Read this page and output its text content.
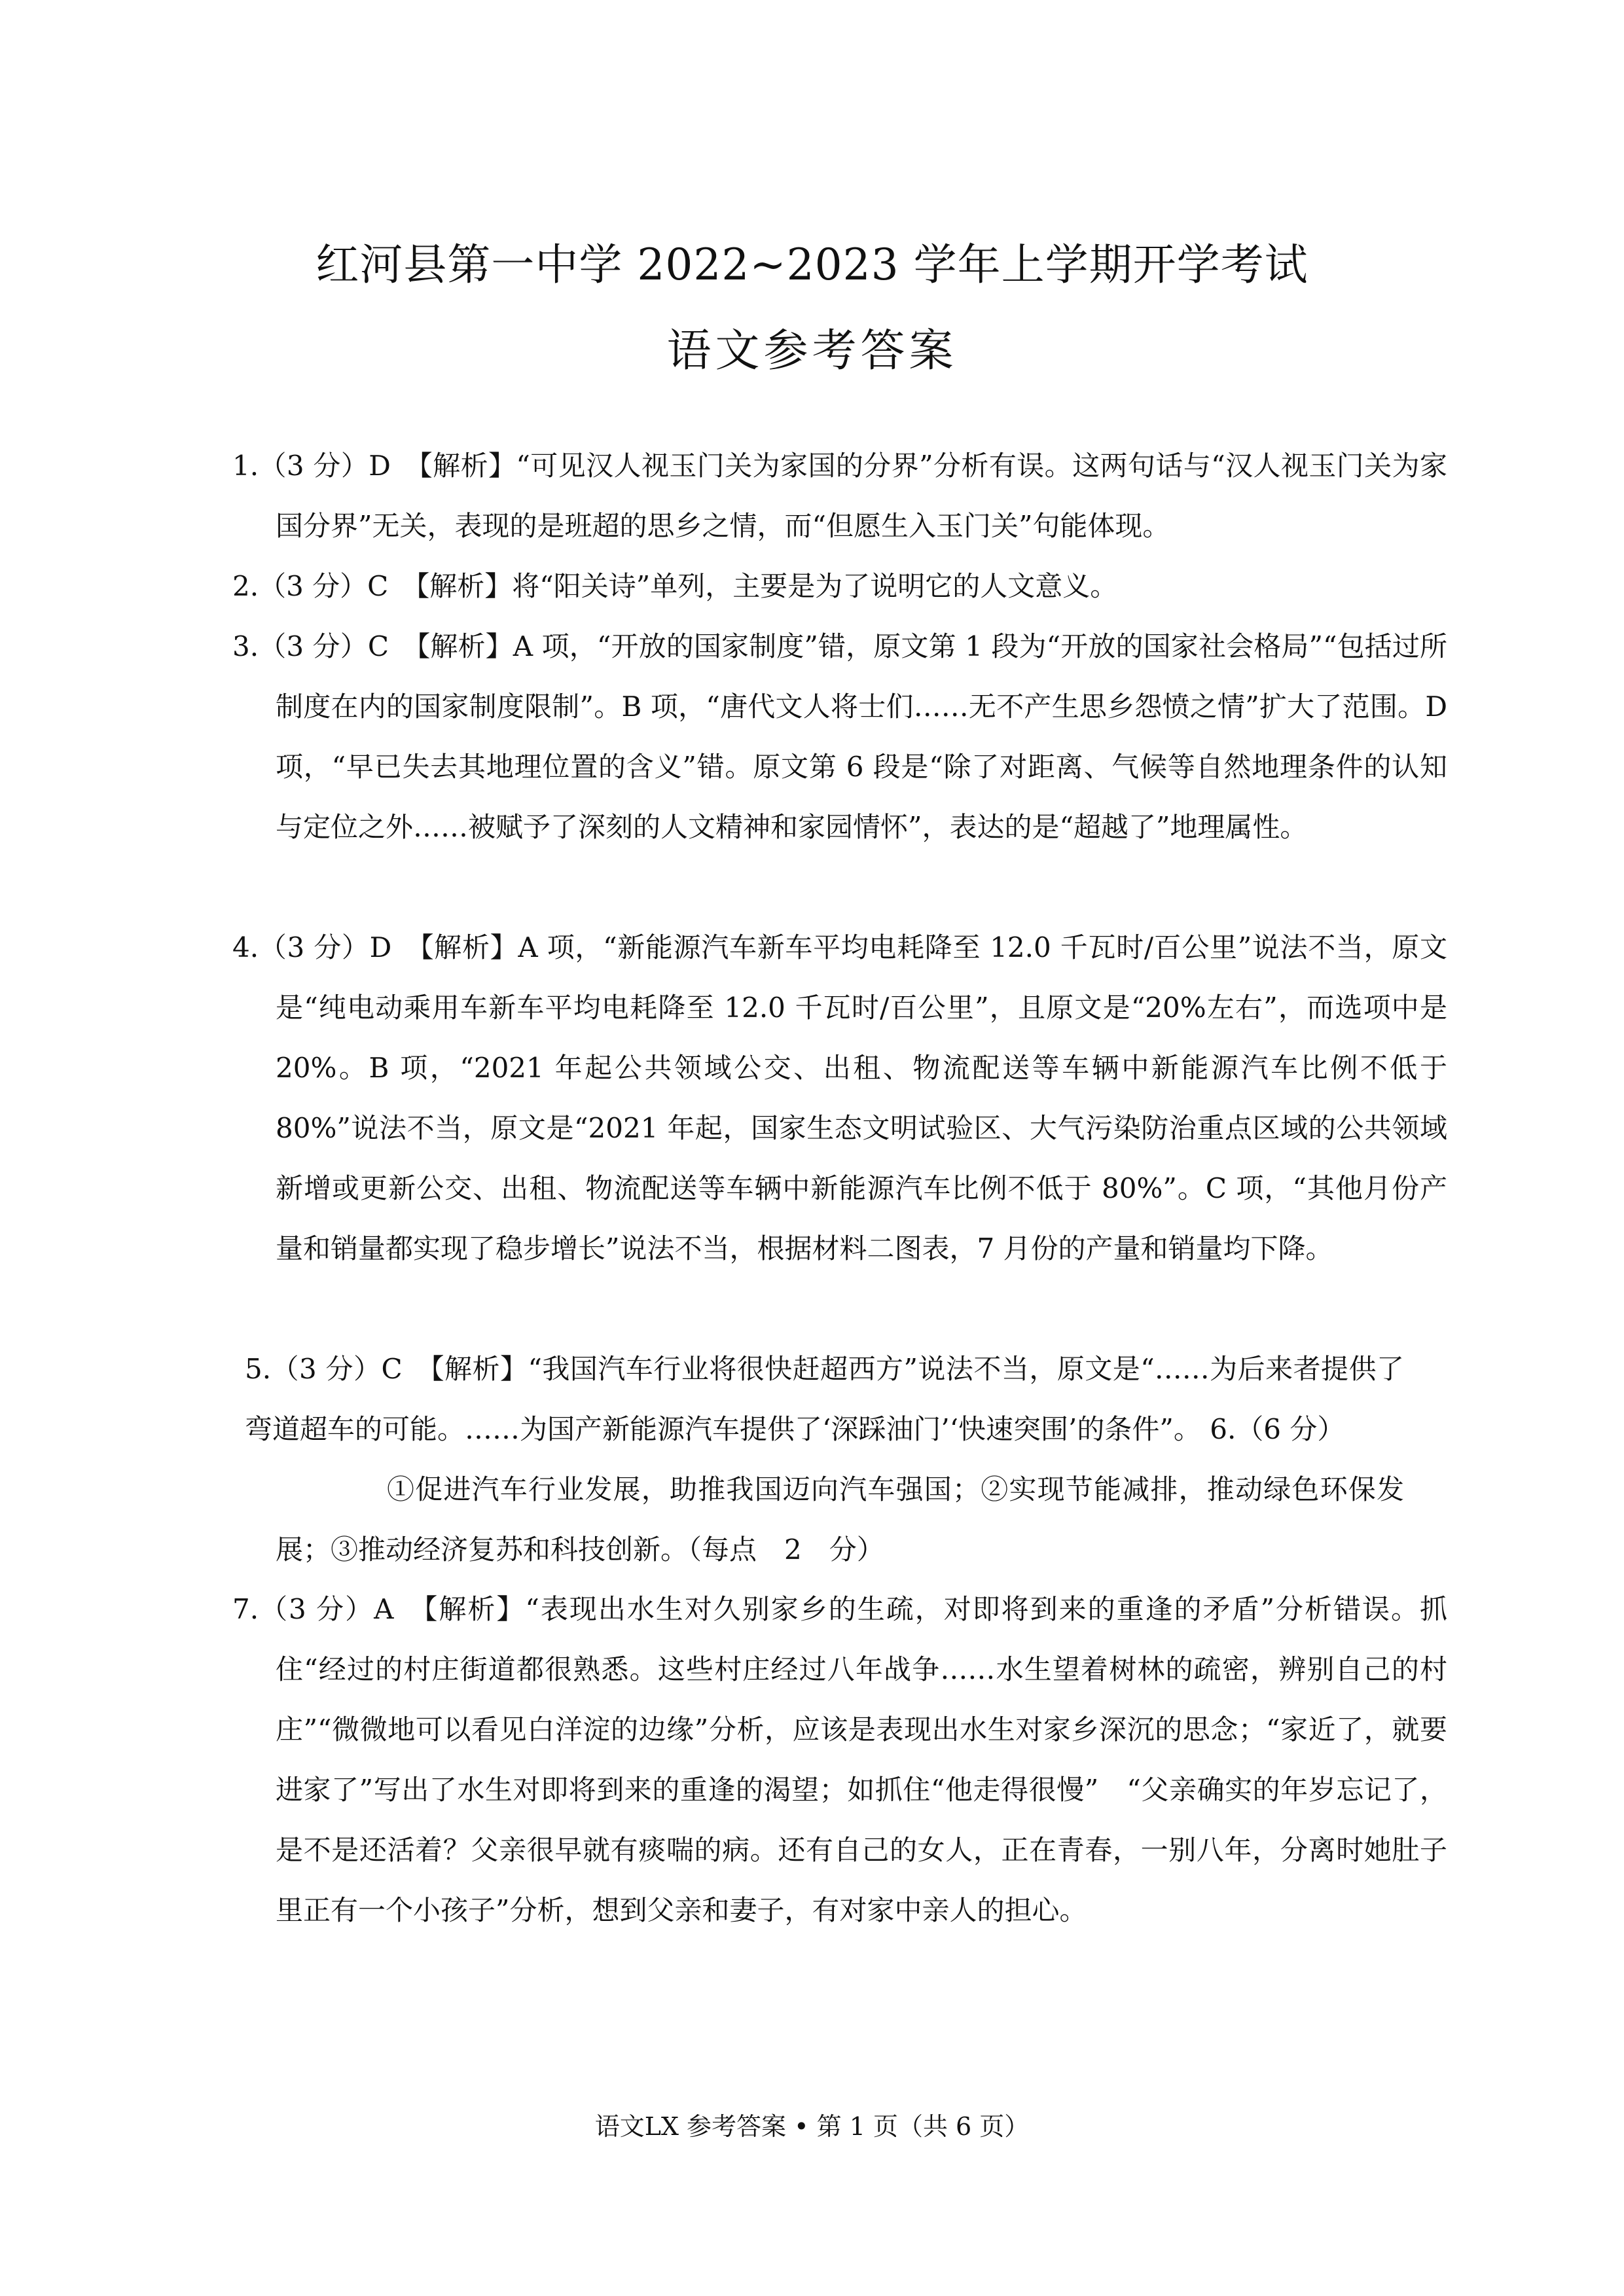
红河县第一中学 2022~2023 学年上学期开学考试
语文参考答案
1.（3 分）D　【解析】“可见汉人视玉门关为家国的分界”分析有误。这两句话与“汉人视玉门关为家国分界”无关，表现的是班超的思乡之情，而“但愿生入玉门关”句能体现。
2.（3 分）C　【解析】将“阳关诗”单列，主要是为了说明它的人文意义。
3.（3 分）C　【解析】A 项，“开放的国家制度”错，原文第 1 段为“开放的国家社会格局”“包括过所制度在内的国家制度限制”。B 项，“唐代文人将士们……无不产生思乡怨愤之情”扩大了范围。D 项，“早已失去其地理位置的含义”错。原文第 6 段是“除了对距离、气候等自然地理条件的认知与定位之外……被赋予了深刻的人文精神和家园情怀”，表达的是“超越了”地理属性。
4.（3 分）D　【解析】A 项，“新能源汽车新车平均电耗降至 12.0 千瓦时/百公里”说法不当，原文是“纯电动乘用车新车平均电耗降至 12.0 千瓦时/百公里”，且原文是“20%左右”，而选项中是 20%。B 项，“2021 年起公共领域公交、出租、物流配送等车辆中新能源汽车比例不低于 80%”说法不当，原文是“2021 年起，国家生态文明试验区、大气污染防治重点区域的公共领域新增或更新公交、出租、物流配送等车辆中新能源汽车比例不低于 80%”。C 项，“其他月份产量和销量都实现了稳步增长”说法不当，根据材料二图表，7 月份的产量和销量均下降。
5.（3 分）C　【解析】“我国汽车行业将很快赶超西方”说法不当，原文是“……为后来者提供了弯道超车的可能。……为国产新能源汽车提供了‘深踩油门’‘快速突围’的条件”。 6.（6 分）
①促进汽车行业发展，助推我国迈向汽车强国；②实现节能减排，推动绿色环保发展；③推动经济复苏和科技创新。（每点　2　分）
7.（3 分）A　【解析】“表现出水生对久别家乡的生疏，对即将到来的重逢的矛盾”分析错误。抓住“经过的村庄街道都很熟悉。这些村庄经过八年战争……水生望着树林的疏密，辨别自己的村庄”“微微地可以看见白洋淀的边缘”分析，应该是表现出水生对家乡深沉的思念；“家近了，就要进家了”写出了水生对即将到来的重逢的渴望；如抓住“他走得很慢”　“父亲确实的年岁忘记了，是不是还活着？父亲很早就有痰喘的病。还有自己的女人，正在青春，一别八年，分离时她肚子里正有一个小孩子”分析，想到父亲和妻子，有对家中亲人的担心。
语文LX 参考答案 • 第 1 页（共 6 页）
